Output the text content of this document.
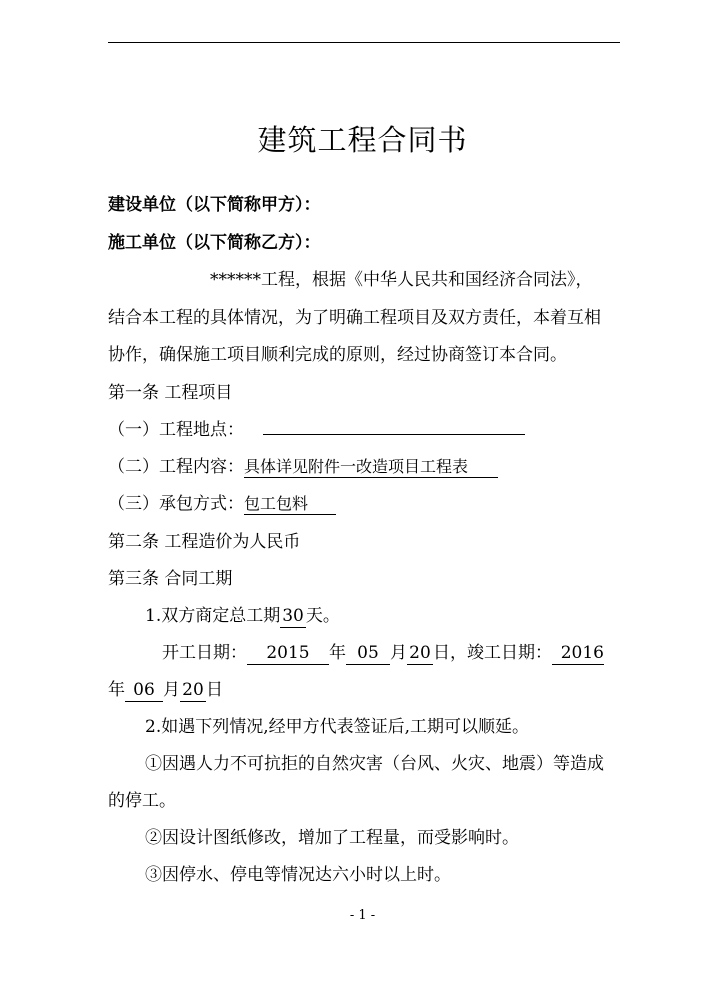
建筑工程合同书
建设单位（以下简称甲方）：
施工单位（以下简称乙方）：
******工程，根据《中华人民共和国经济合同法》，
结合本工程的具体情况，为了明确工程项目及双方责任，本着互相
协作，确保施工项目顺利完成的原则，经过协商签订本合同。
第一条 工程项目
（一）工程地点：
（二）工程内容：具体详见附件一改造项目工程表
（三）承包方式：包工包料
第二条 工程造价为人民币
第三条 合同工期
1.双方商定总工期 30 天。
开工日期： 2015 年 05 月 20 日，竣工日期： 2016
年 06 月 20 日
2.如遇下列情况,经甲方代表签证后,工期可以顺延。
①因遇人力不可抗拒的自然灾害（台风、火灾、地震）等造成
的停工。
②因设计图纸修改，增加了工程量，而受影响时。
③因停水、停电等情况达六小时以上时。
- 1 -
